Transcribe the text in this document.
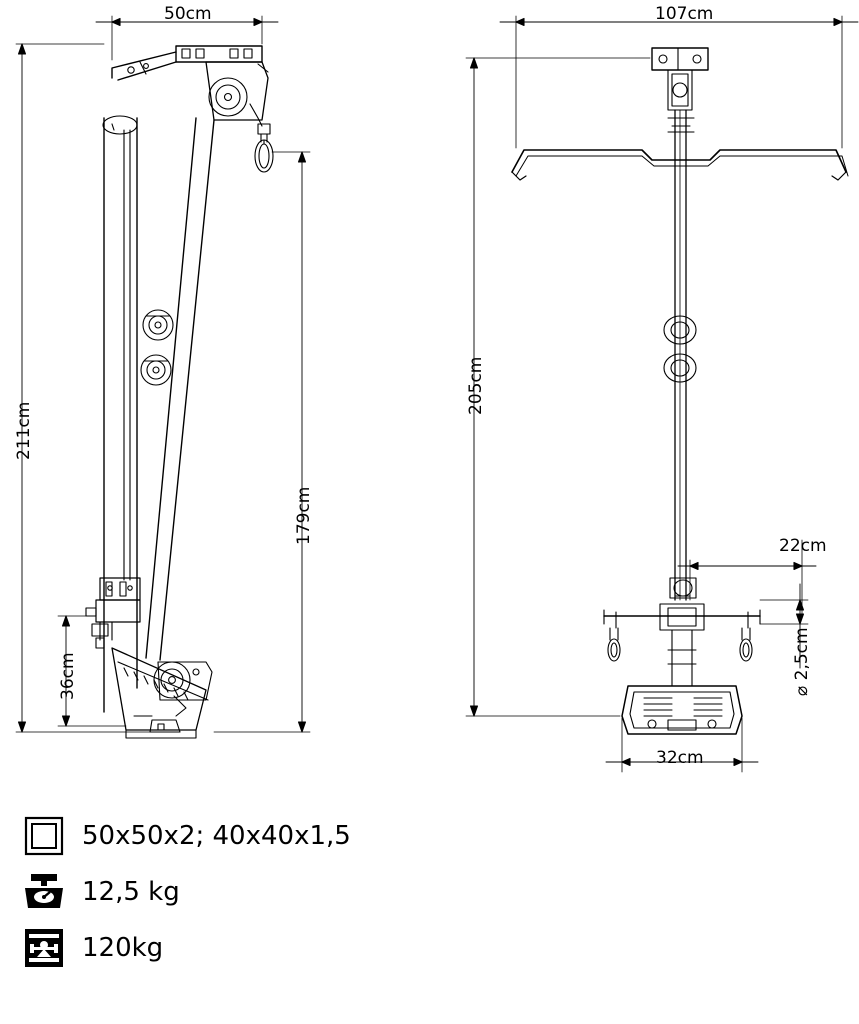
50cm
211cm
179cm
36cm
107cm
205cm
22cm
⌀ 2,5cm
32cm
50x50x2; 40x40x1,5
12,5 kg
120kg
